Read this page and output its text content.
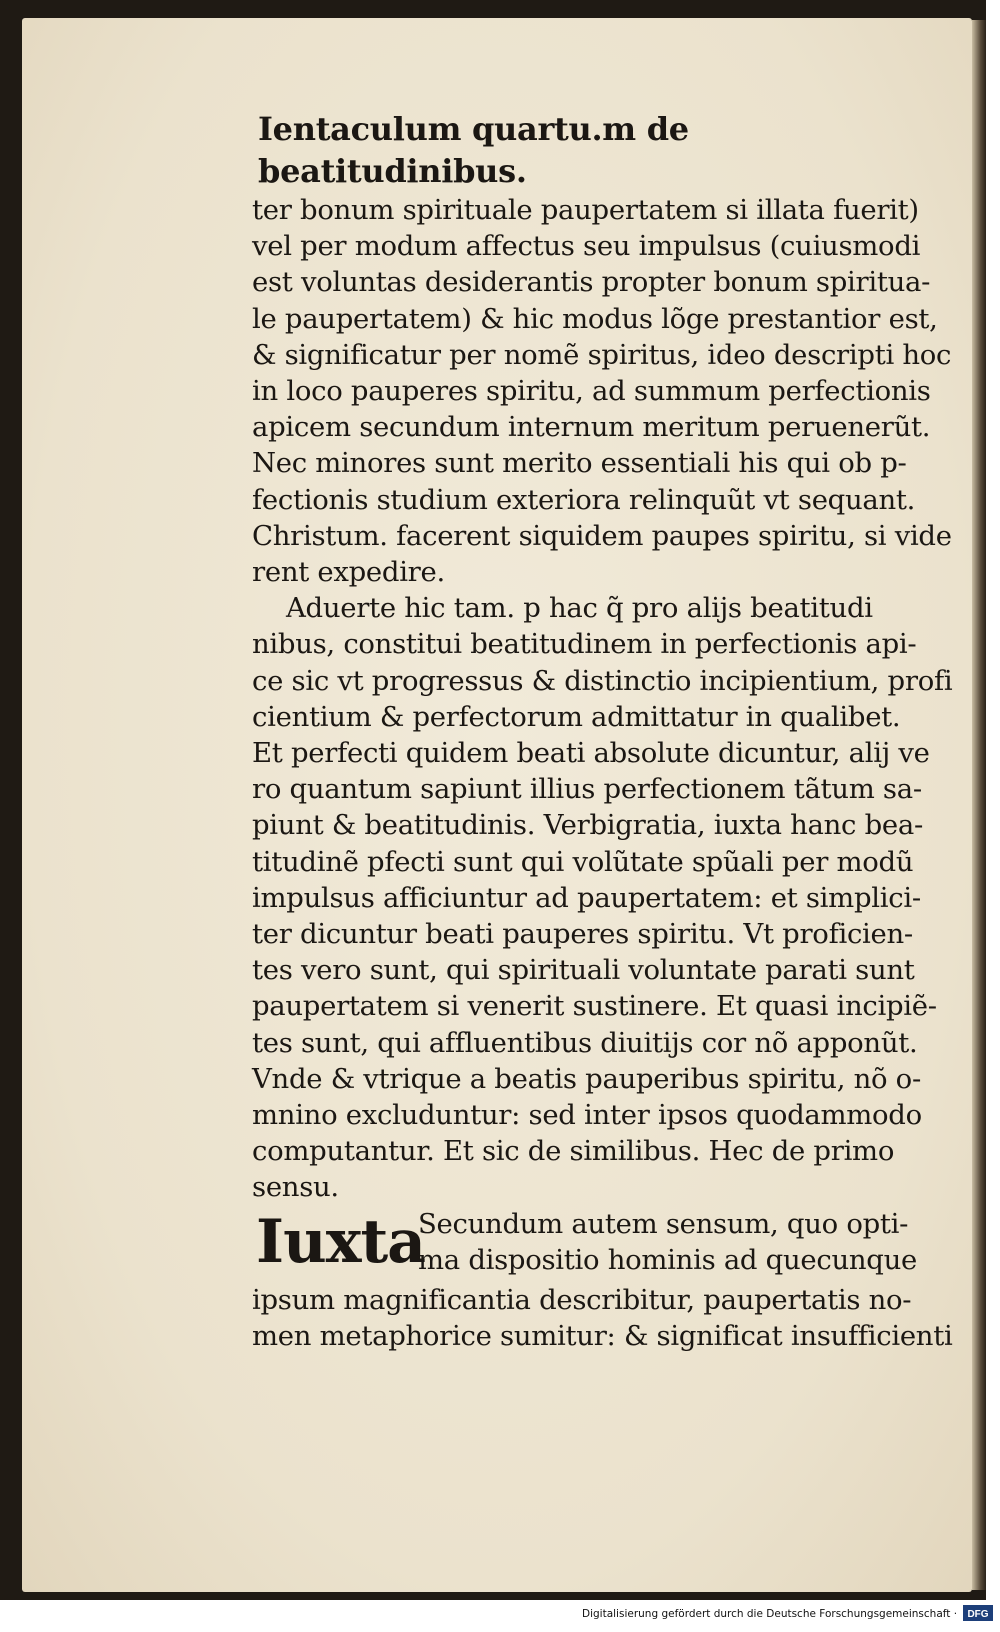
Ientaculum quartu.m de beatitudinibus.
ter bonum spirituale paupertatem si illata fuerit)
vel per modum affectus seu impulsus (cuiusmodi
est voluntas desiderantis propter bonum spiritua-
le paupertatem) & hic modus lõge prestantior est,
& significatur per nomẽ spiritus, ideo descripti hoc
in loco pauperes spiritu, ad summum perfectionis
apicem secundum internum meritum peruenerũt.
Nec minores sunt merito essentiali his qui ob p-
fectionis studium exteriora relinquũt vt sequant.
Christum. facerent siquidem paupes spiritu, si vide
rent expedire.
Aduerte hic tam. p hac q̃ pro alijs beatitudi
nibus, constitui beatitudinem in perfectionis api-
ce sic vt progressus & distinctio incipientium, profi
cientium & perfectorum admittatur in qualibet.
Et perfecti quidem beati absolute dicuntur, alij ve
ro quantum sapiunt illius perfectionem tãtum sa-
piunt & beatitudinis. Verbigratia, iuxta hanc bea-
titudinẽ pfecti sunt qui volũtate spũali per modũ
impulsus afficiuntur ad paupertatem: et simplici-
ter dicuntur beati pauperes spiritu. Vt proficien-
tes vero sunt, qui spirituali voluntate parati sunt
paupertatem si venerit sustinere. Et quasi incipiẽ-
tes sunt, qui affluentibus diuitijs cor nõ apponũt.
Vnde & vtrique a beatis pauperibus spiritu, nõ o-
mnino excluduntur: sed inter ipsos quodammodo
computantur. Et sic de similibus. Hec de primo
sensu.
Iuxta
Secundum autem sensum, quo opti-
ma dispositio hominis ad quecunque
ipsum magnificantia describitur, paupertatis no-
men metaphorice sumitur: & significat insufficienti
Digitalisierung gefördert durch die Deutsche Forschungsgemeinschaft · DFG
